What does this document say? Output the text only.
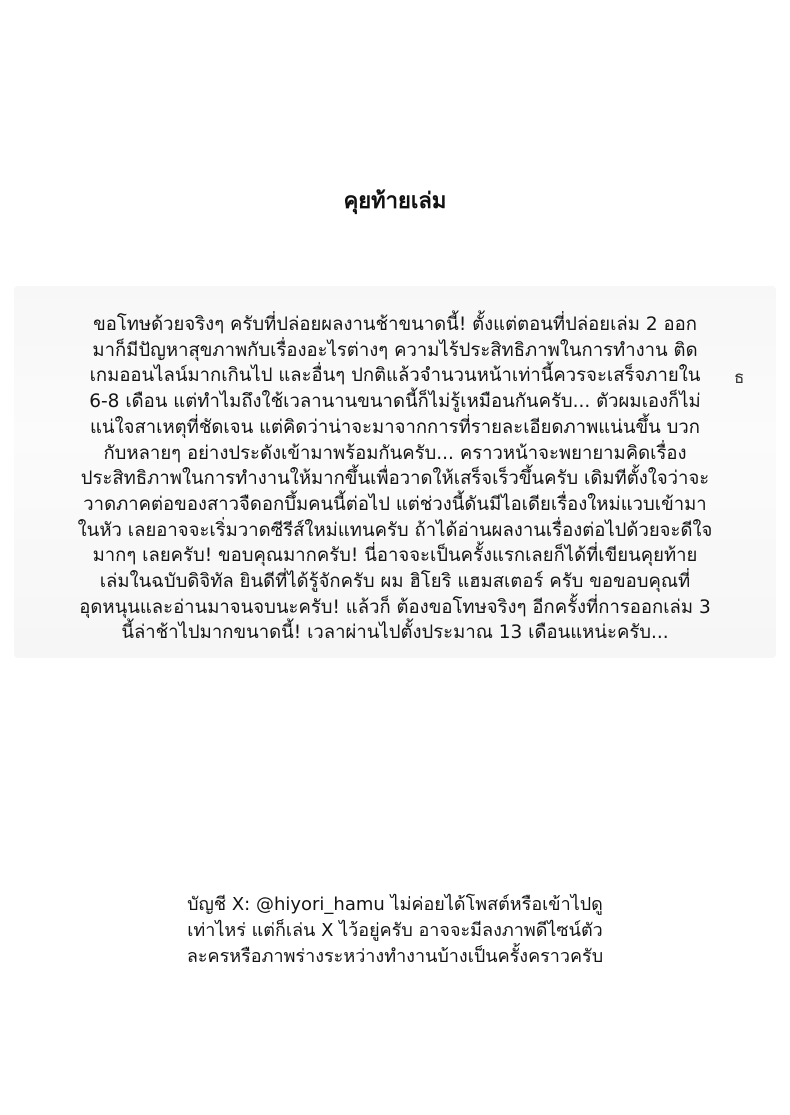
คุยท้ายเล่ม
ขอโทษด้วยจริงๆ ครับที่ปล่อยผลงานช้าขนาดนี้! ตั้งแต่ตอนที่ปล่อยเล่ม 2 ออก
มาก็มีปัญหาสุขภาพกับเรื่องอะไรต่างๆ ความไร้ประสิทธิภาพในการทำงาน ติด
เกมออนไลน์มากเกินไป และอื่นๆ ปกติแล้วจำนวนหน้าเท่านี้ควรจะเสร็จภายใน
6-8 เดือน แต่ทำไมถึงใช้เวลานานขนาดนี้ก็ไม่รู้เหมือนกันครับ... ตัวผมเองก็ไม่
แน่ใจสาเหตุที่ชัดเจน แต่คิดว่าน่าจะมาจากการที่รายละเอียดภาพแน่นขึ้น บวก
กับหลายๆ อย่างประดังเข้ามาพร้อมกันครับ... คราวหน้าจะพยายามคิดเรื่อง
ประสิทธิภาพในการทำงานให้มากขึ้นเพื่อวาดให้เสร็จเร็วขึ้นครับ เดิมทีตั้งใจว่าจะ
วาดภาคต่อของสาวจืดอกบึ้มคนนี้ต่อไป แต่ช่วงนี้ดันมีไอเดียเรื่องใหม่แวบเข้ามา
ในหัว เลยอาจจะเริ่มวาดซีรีส์ใหม่แทนครับ ถ้าได้อ่านผลงานเรื่องต่อไปด้วยจะดีใจ
มากๆ เลยครับ! ขอบคุณมากครับ! นี่อาจจะเป็นครั้งแรกเลยก็ได้ที่เขียนคุยท้าย
เล่มในฉบับดิจิทัล ยินดีที่ได้รู้จักครับ ผม ฮิโยริ แฮมสเตอร์ ครับ ขอขอบคุณที่
อุดหนุนและอ่านมาจนจบนะครับ! แล้วก็ ต้องขอโทษจริงๆ อีกครั้งที่การออกเล่ม 3
นี้ล่าช้าไปมากขนาดนี้! เวลาผ่านไปตั้งประมาณ 13 เดือนแหน่ะครับ...
ธ
บัญชี X: @hiyori_hamu ไม่ค่อยได้โพสต์หรือเข้าไปดู
เท่าไหร่ แต่ก็เล่น X ไว้อยู่ครับ อาจจะมีลงภาพดีไซน์ตัว
ละครหรือภาพร่างระหว่างทำงานบ้างเป็นครั้งคราวครับ
